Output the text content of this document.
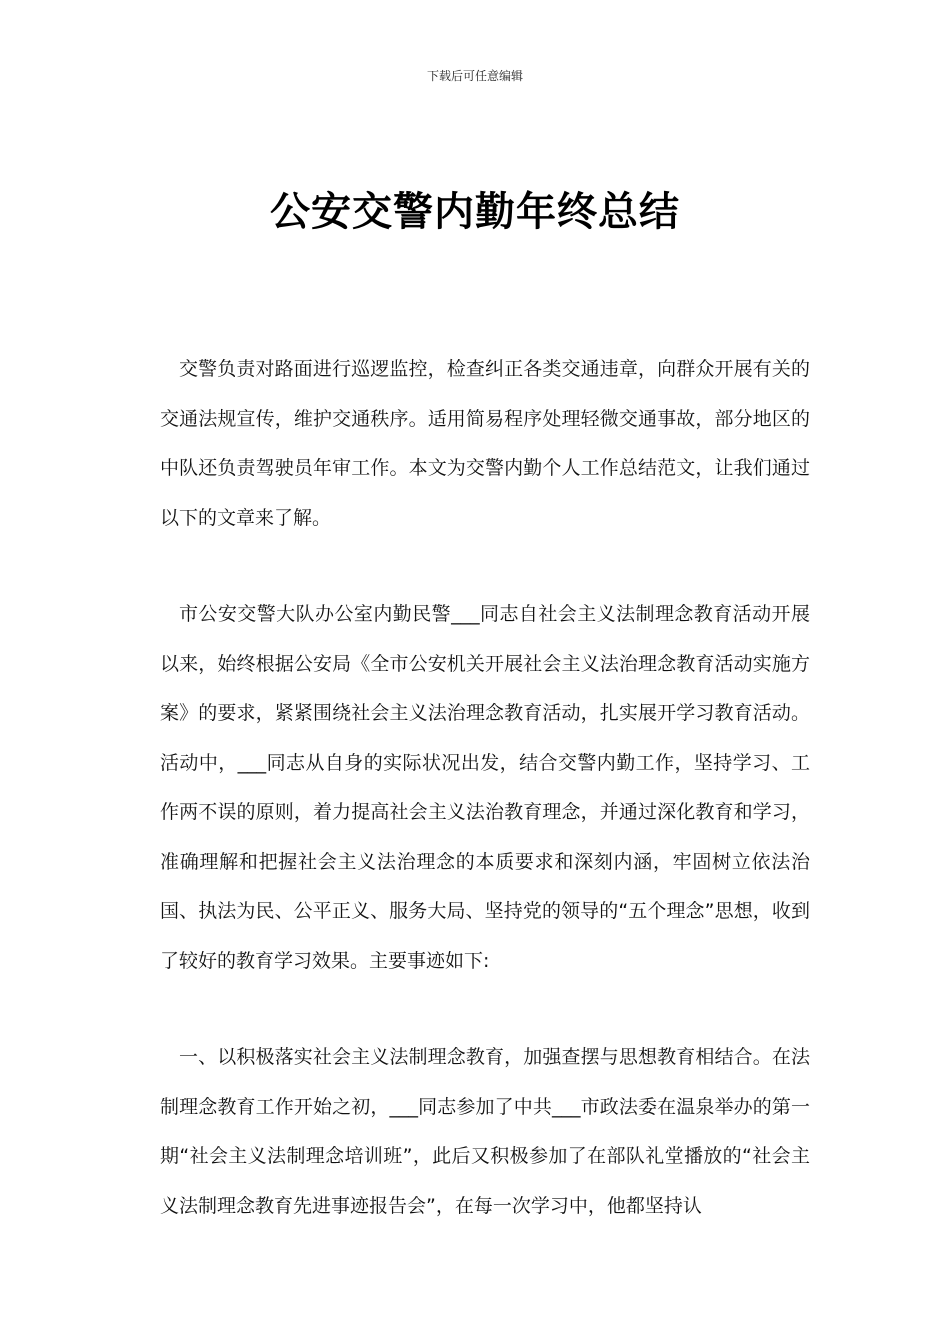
下载后可任意编辑
公安交警内勤年终总结

交警负责对路面进行巡逻监控，检查纠正各类交通违章，向群众开展有关的交通法规宣传，维护交通秩序。适用简易程序处理轻微交通事故，部分地区的中队还负责驾驶员年审工作。本文为交警内勤个人工作总结范文，让我们通过以下的文章来了解。

市公安交警大队办公室内勤民警___同志自社会主义法制理念教育活动开展以来，始终根据公安局《全市公安机关开展社会主义法治理念教育活动实施方案》的要求，紧紧围绕社会主义法治理念教育活动，扎实展开学习教育活动。活动中，___同志从自身的实际状况出发，结合交警内勤工作，坚持学习、工作两不误的原则，着力提高社会主义法治教育理念，并通过深化教育和学习，准确理解和把握社会主义法治理念的本质要求和深刻内涵，牢固树立依法治国、执法为民、公平正义、服务大局、坚持党的领导的“五个理念”思想，收到了较好的教育学习效果。主要事迹如下:

一、以积极落实社会主义法制理念教育，加强查摆与思想教育相结合。在法制理念教育工作开始之初，___同志参加了中共___市政法委在温泉举办的第一期“社会主义法制理念培训班”，此后又积极参加了在部队礼堂播放的“社会主义法制理念教育先进事迹报告会”，在每一次学习中，他都坚持认
